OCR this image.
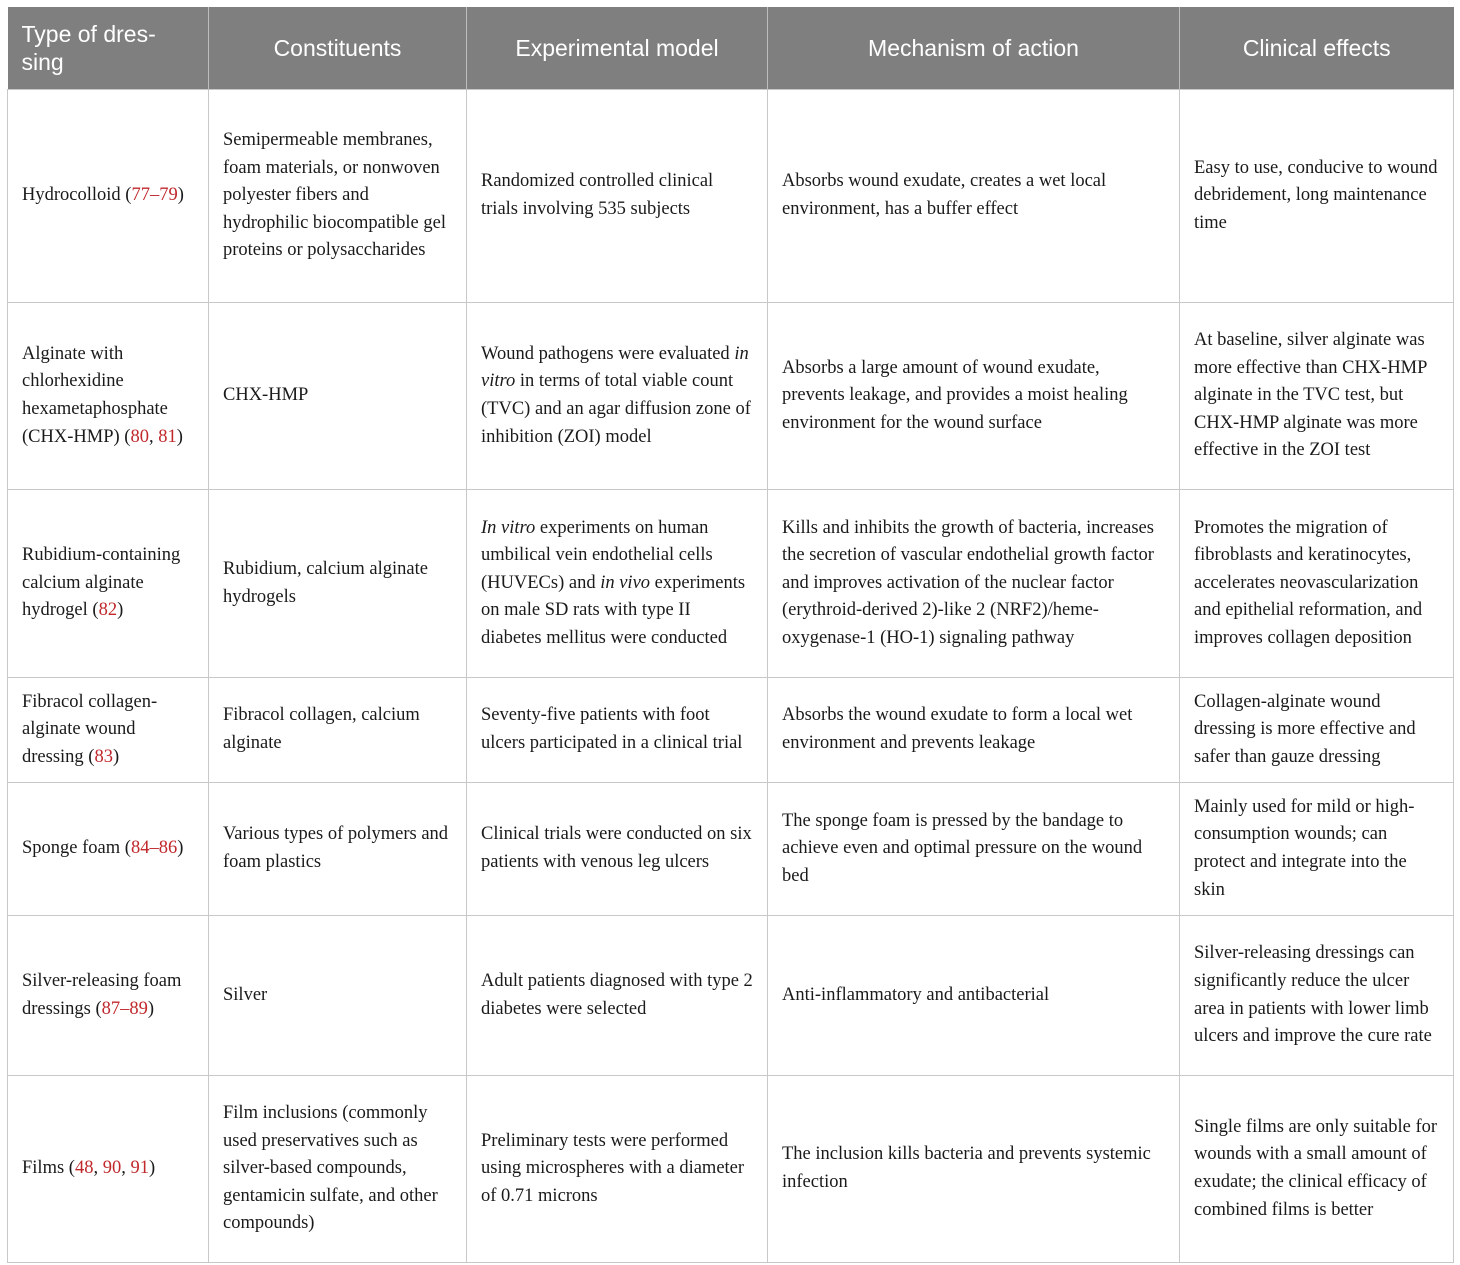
Type of dres-sing	Constituents	Experimental model	Mechanism of action	Clinical effects
Hydrocolloid (77–79)	Semipermeable membranes, foam materials, or nonwoven polyester fibers and hydrophilic biocompatible gel proteins or polysaccharides	Randomized controlled clinical trials involving 535 subjects	Absorbs wound exudate, creates a wet local environment, has a buffer effect	Easy to use, conducive to wound debridement, long maintenance time
Alginate with chlorhexidine hexametaphosphate (CHX-HMP) (80, 81)	CHX-HMP	Wound pathogens were evaluated in vitro in terms of total viable count (TVC) and an agar diffusion zone of inhibition (ZOI) model	Absorbs a large amount of wound exudate, prevents leakage, and provides a moist healing environment for the wound surface	At baseline, silver alginate was more effective than CHX-HMP alginate in the TVC test, but CHX-HMP alginate was more effective in the ZOI test
Rubidium-containing calcium alginate hydrogel (82)	Rubidium, calcium alginate hydrogels	In vitro experiments on human umbilical vein endothelial cells (HUVECs) and in vivo experiments on male SD rats with type II diabetes mellitus were conducted	Kills and inhibits the growth of bacteria, increases the secretion of vascular endothelial growth factor and improves activation of the nuclear factor (erythroid-derived 2)-like 2 (NRF2)/heme-oxygenase-1 (HO-1) signaling pathway	Promotes the migration of fibroblasts and keratinocytes, accelerates neovascularization and epithelial reformation, and improves collagen deposition
Fibracol collagen-alginate wound dressing (83)	Fibracol collagen, calcium alginate	Seventy-five patients with foot ulcers participated in a clinical trial	Absorbs the wound exudate to form a local wet environment and prevents leakage	Collagen-alginate wound dressing is more effective and safer than gauze dressing
Sponge foam (84–86)	Various types of polymers and foam plastics	Clinical trials were conducted on six patients with venous leg ulcers	The sponge foam is pressed by the bandage to achieve even and optimal pressure on the wound bed	Mainly used for mild or high- consumption wounds; can protect and integrate into the skin
Silver-releasing foam dressings (87–89)	Silver	Adult patients diagnosed with type 2 diabetes were selected	Anti-inflammatory and antibacterial	Silver-releasing dressings can significantly reduce the ulcer area in patients with lower limb ulcers and improve the cure rate
Films (48, 90, 91)	Film inclusions (commonly used preservatives such as silver-based compounds, gentamicin sulfate, and other compounds)	Preliminary tests were performed using microspheres with a diameter of 0.71 microns	The inclusion kills bacteria and prevents systemic infection	Single films are only suitable for wounds with a small amount of exudate; the clinical efficacy of combined films is better
